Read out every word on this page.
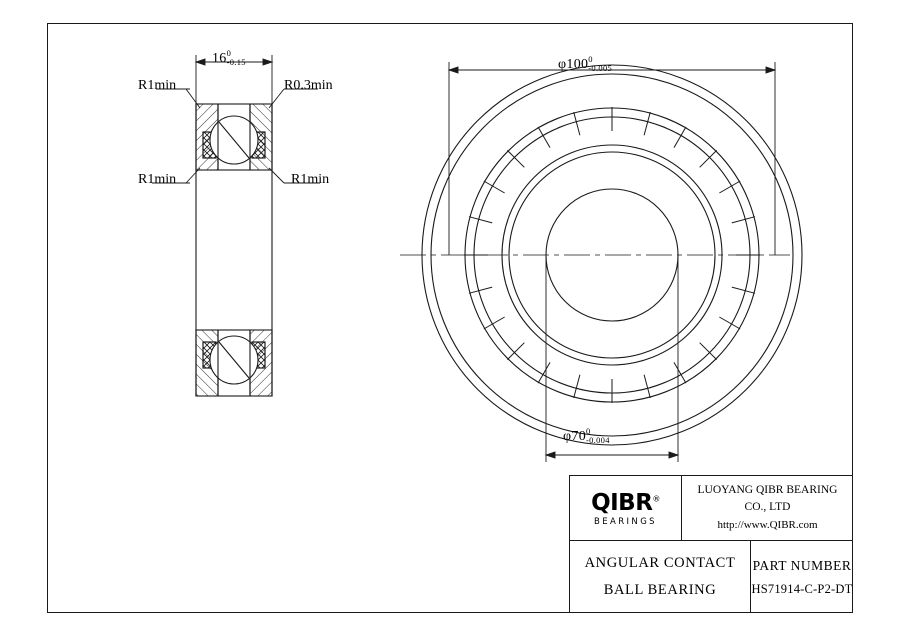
16 0
-0.15
R1min	R0.3min
R1min	R1min
φ100 0
-0.005
φ70 0
-0.004
QIBR®
BEARINGS
LUOYANG QIBR BEARING CO., LTD
http://www.QIBR.com
ANGULAR CONTACT
BALL BEARING
PART NUMBER
HS71914-C-P2-DT
